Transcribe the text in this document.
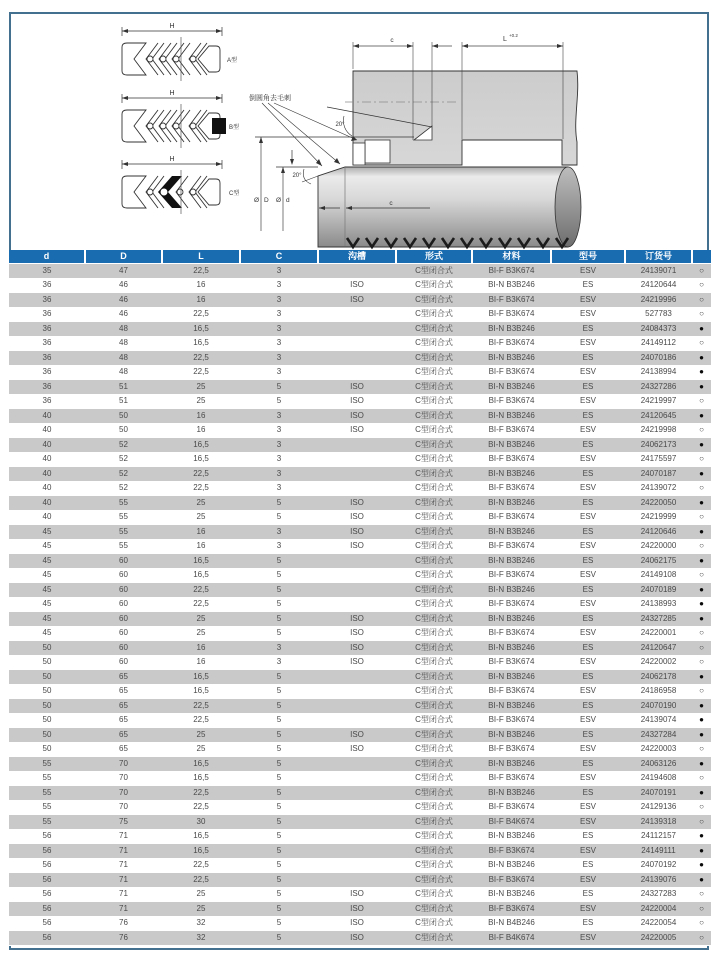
H
A型
H
B型
H
C型
c	L
+0.2
20°
20°
倒圆角去毛刺
Ø D Ø d	c
d	D	L	C	沟槽	形式	材料	型号	订货号	
35	47	22,5	3		C型闭合式	BI-F B3K674	ESV	24139071	○
36	46	16	3	ISO	C型闭合式	BI-N B3B246	ES	24120644	○
36	46	16	3	ISO	C型闭合式	BI-F B3K674	ESV	24219996	○
36	46	22,5	3		C型闭合式	BI-F B3K674	ESV	527783	○
36	48	16,5	3		C型闭合式	BI-N B3B246	ES	24084373	●
36	48	16,5	3		C型闭合式	BI-F B3K674	ESV	24149112	○
36	48	22,5	3		C型闭合式	BI-N B3B246	ES	24070186	●
36	48	22,5	3		C型闭合式	BI-F B3K674	ESV	24138994	●
36	51	25	5	ISO	C型闭合式	BI-N B3B246	ES	24327286	●
36	51	25	5	ISO	C型闭合式	BI-F B3K674	ESV	24219997	○
40	50	16	3	ISO	C型闭合式	BI-N B3B246	ES	24120645	●
40	50	16	3	ISO	C型闭合式	BI-F B3K674	ESV	24219998	○
40	52	16,5	3		C型闭合式	BI-N B3B246	ES	24062173	●
40	52	16,5	3		C型闭合式	BI-F B3K674	ESV	24175597	○
40	52	22,5	3		C型闭合式	BI-N B3B246	ES	24070187	●
40	52	22,5	3		C型闭合式	BI-F B3K674	ESV	24139072	○
40	55	25	5	ISO	C型闭合式	BI-N B3B246	ES	24220050	●
40	55	25	5	ISO	C型闭合式	BI-F B3K674	ESV	24219999	○
45	55	16	3	ISO	C型闭合式	BI-N B3B246	ES	24120646	●
45	55	16	3	ISO	C型闭合式	BI-F B3K674	ESV	24220000	○
45	60	16,5	5		C型闭合式	BI-N B3B246	ES	24062175	●
45	60	16,5	5		C型闭合式	BI-F B3K674	ESV	24149108	○
45	60	22,5	5		C型闭合式	BI-N B3B246	ES	24070189	●
45	60	22,5	5		C型闭合式	BI-F B3K674	ESV	24138993	●
45	60	25	5	ISO	C型闭合式	BI-N B3B246	ES	24327285	●
45	60	25	5	ISO	C型闭合式	BI-F B3K674	ESV	24220001	○
50	60	16	3	ISO	C型闭合式	BI-N B3B246	ES	24120647	○
50	60	16	3	ISO	C型闭合式	BI-F B3K674	ESV	24220002	○
50	65	16,5	5		C型闭合式	BI-N B3B246	ES	24062178	●
50	65	16,5	5		C型闭合式	BI-F B3K674	ESV	24186958	○
50	65	22,5	5		C型闭合式	BI-N B3B246	ES	24070190	●
50	65	22,5	5		C型闭合式	BI-F B3K674	ESV	24139074	●
50	65	25	5	ISO	C型闭合式	BI-N B3B246	ES	24327284	●
50	65	25	5	ISO	C型闭合式	BI-F B3K674	ESV	24220003	○
55	70	16,5	5		C型闭合式	BI-N B3B246	ES	24063126	●
55	70	16,5	5		C型闭合式	BI-F B3K674	ESV	24194608	○
55	70	22,5	5		C型闭合式	BI-N B3B246	ES	24070191	●
55	70	22,5	5		C型闭合式	BI-F B3K674	ESV	24129136	○
55	75	30	5		C型闭合式	BI-F B4K674	ESV	24139318	○
56	71	16,5	5		C型闭合式	BI-N B3B246	ES	24112157	●
56	71	16,5	5		C型闭合式	BI-F B3K674	ESV	24149111	●
56	71	22,5	5		C型闭合式	BI-N B3B246	ES	24070192	●
56	71	22,5	5		C型闭合式	BI-F B3K674	ESV	24139076	●
56	71	25	5	ISO	C型闭合式	BI-N B3B246	ES	24327283	○
56	71	25	5	ISO	C型闭合式	BI-F B3K674	ESV	24220004	○
56	76	32	5	ISO	C型闭合式	BI-N B4B246	ES	24220054	○
56	76	32	5	ISO	C型闭合式	BI-F B4K674	ESV	24220005	○
